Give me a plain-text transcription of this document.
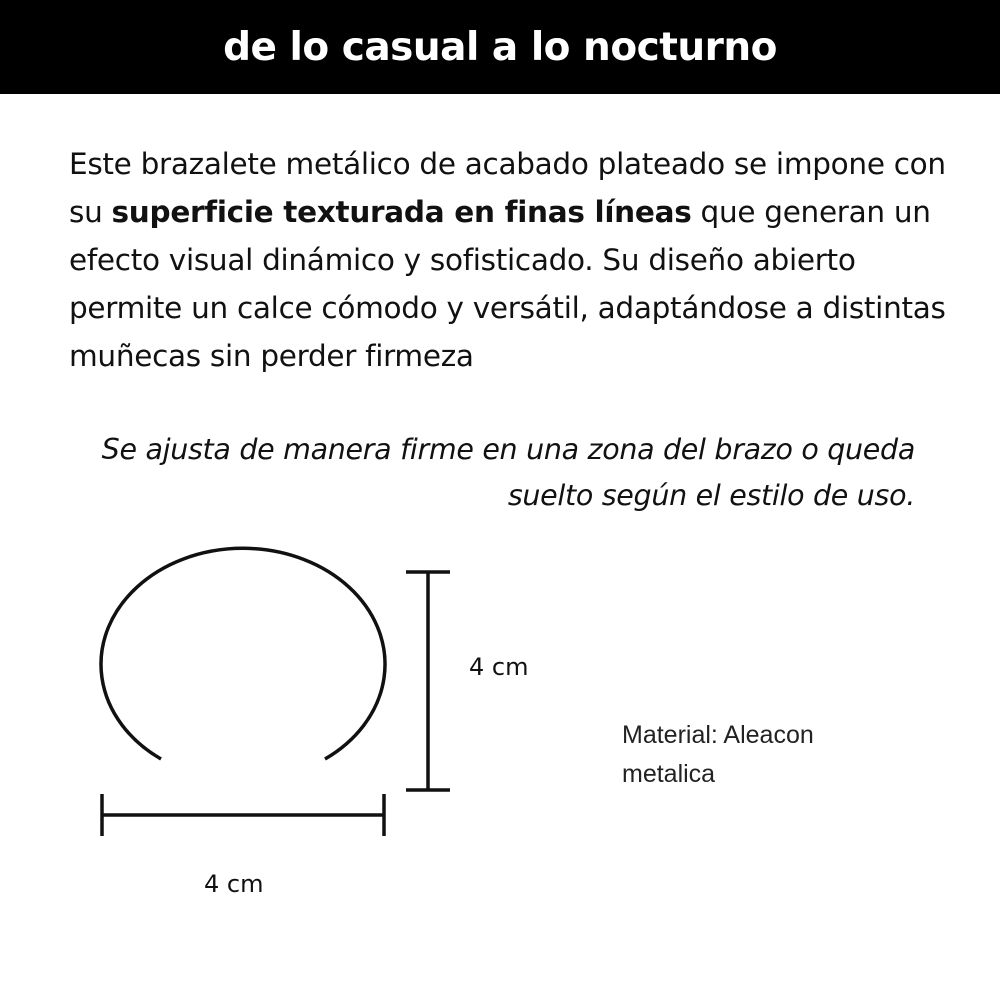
de lo casual a lo nocturno

Este brazalete metálico de acabado plateado se impone con su superficie texturada en finas líneas que generan un efecto visual dinámico y sofisticado. Su diseño abierto permite un calce cómodo y versátil, adaptándose a distintas muñecas sin perder firmeza

Se ajusta de manera firme en una zona del brazo o queda suelto según el estilo de uso.

4 cm
4 cm
Material: Aleacon metalica
